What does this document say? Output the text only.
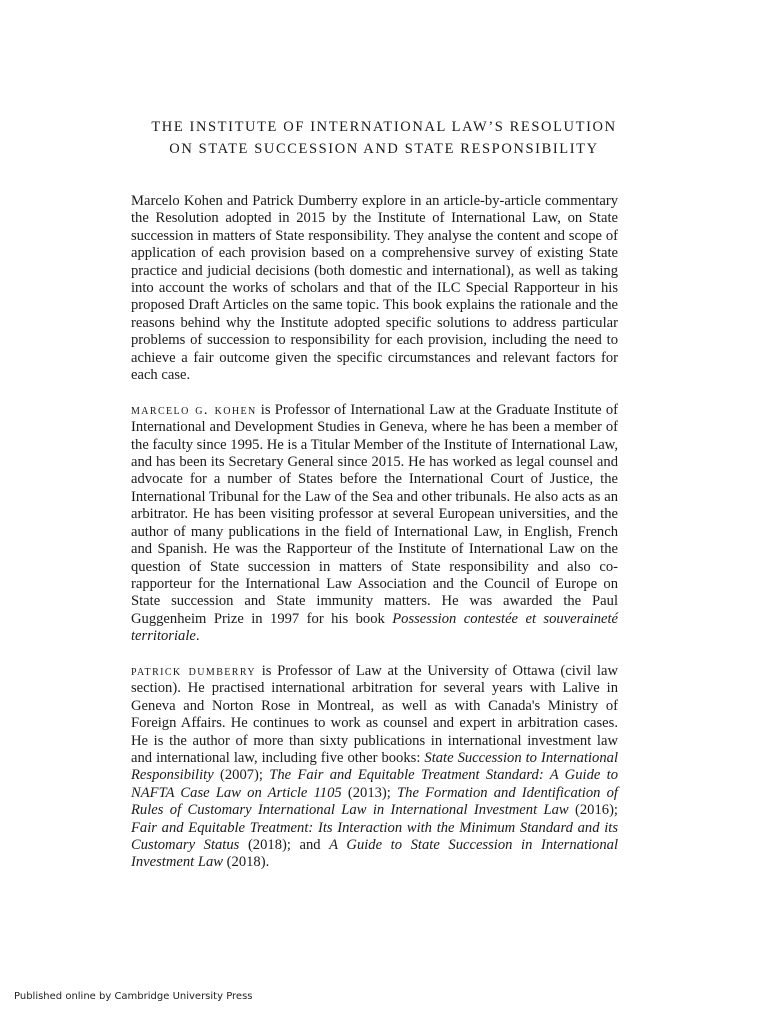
THE INSTITUTE OF INTERNATIONAL LAW’S RESOLUTION
ON STATE SUCCESSION AND STATE RESPONSIBILITY

Marcelo Kohen and Patrick Dumberry explore in an article-by-article commentary the Resolution adopted in 2015 by the Institute of International Law, on State succession in matters of State responsibility. They analyse the content and scope of application of each provision based on a comprehensive survey of existing State practice and judicial decisions (both domestic and international), as well as taking into account the works of scholars and that of the ILC Special Rapporteur in his proposed Draft Articles on the same topic. This book explains the rationale and the reasons behind why the Institute adopted specific solutions to address particular problems of succession to responsibility for each provision, including the need to achieve a fair outcome given the specific circumstances and relevant factors for each case.

marcelo g. kohen is Professor of International Law at the Graduate Institute of International and Development Studies in Geneva, where he has been a member of the faculty since 1995. He is a Titular Member of the Institute of International Law, and has been its Secretary General since 2015. He has worked as legal counsel and advocate for a number of States before the International Court of Justice, the International Tribunal for the Law of the Sea and other tribunals. He also acts as an arbitrator. He has been visiting professor at several European universities, and the author of many publications in the field of International Law, in English, French and Spanish. He was the Rapporteur of the Institute of International Law on the question of State succession in matters of State responsibility and also co-rapporteur for the International Law Association and the Council of Europe on State succession and State immunity matters. He was awarded the Paul Guggenheim Prize in 1997 for his book Possession contestée et souveraineté territoriale.

patrick dumberry is Professor of Law at the University of Ottawa (civil law section). He practised international arbitration for several years with Lalive in Geneva and Norton Rose in Montreal, as well as with Canada's Ministry of Foreign Affairs. He continues to work as counsel and expert in arbitration cases. He is the author of more than sixty publications in international investment law and international law, including five other books: State Succession to International Responsibility (2007); The Fair and Equitable Treatment Standard: A Guide to NAFTA Case Law on Article 1105 (2013); The Formation and Identification of Rules of Customary International Law in International Investment Law (2016); Fair and Equitable Treatment: Its Interaction with the Minimum Standard and its Customary Status (2018); and A Guide to State Succession in International Investment Law (2018).

Published online by Cambridge University Press
